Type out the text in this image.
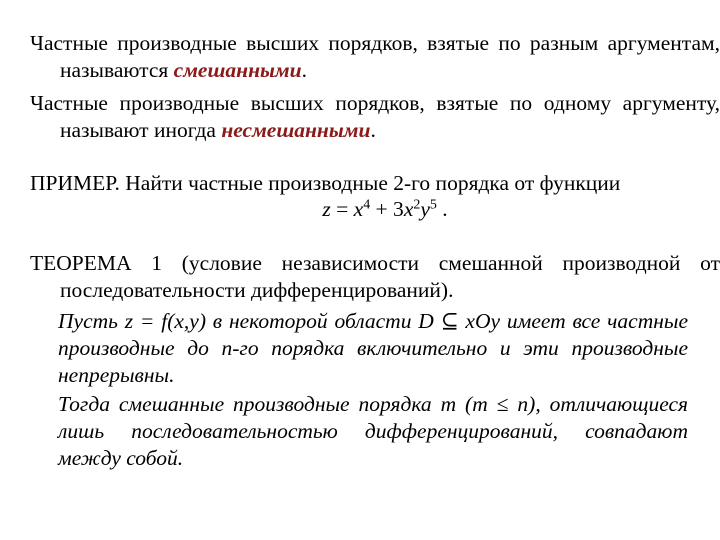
Частные производные высших порядков, взятые по разным аргументам, называются смешанными.

Частные производные высших порядков, взятые по одному аргументу, называют иногда несмешанными.

ПРИМЕР. Найти частные производные 2-го порядка от функции

$z = x^4 + 3x^2y^5$ .

ТЕОРЕМА 1 (условие независимости смешанной производной от последовательности дифференцирований).

Пусть z = f(x,y) в некоторой области D ⊆ xOy имеет все частные производные до n-го порядка включительно и эти производные непрерывны.

Тогда смешанные производные порядка m (m ≤ n), отличающиеся лишь последовательностью дифференцирований, совпадают между собой.
